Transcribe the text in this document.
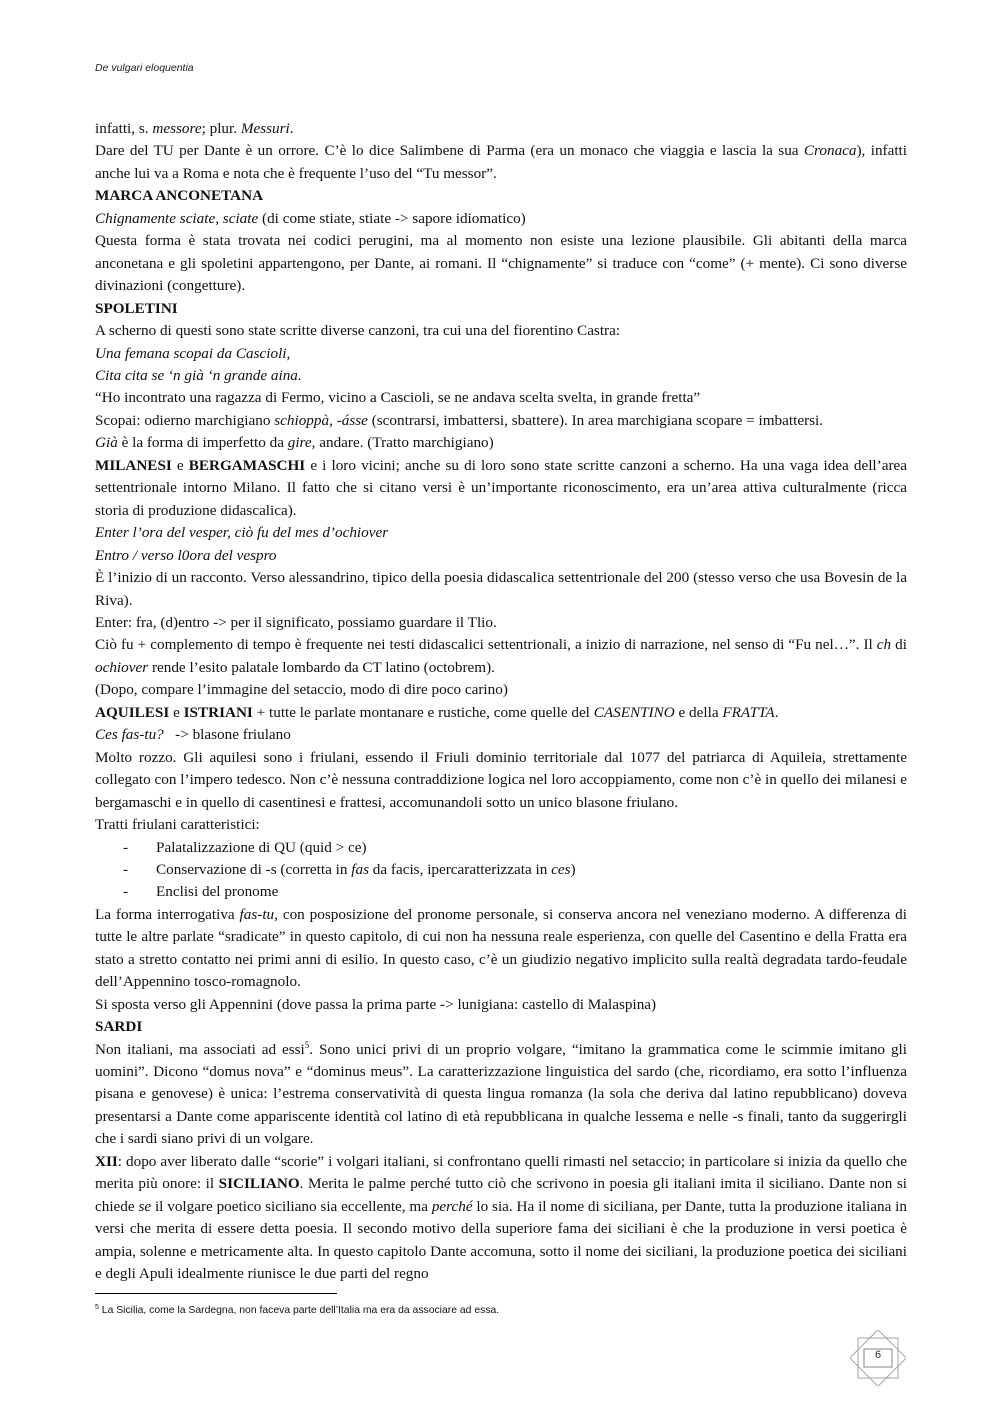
De vulgari eloquentia

infatti, s. messore; plur. Messuri.

Dare del TU per Dante è un orrore. C’è lo dice Salimbene di Parma (era un monaco che viaggia e lascia la sua Cronaca), infatti anche lui va a Roma e nota che è frequente l’uso del “Tu messor”.

MARCA ANCONETANA

Chignamente sciate, sciate (di come stiate, stiate -> sapore idiomatico)

Questa forma è stata trovata nei codici perugini, ma al momento non esiste una lezione plausibile. Gli abitanti della marca anconetana e gli spoletini appartengono, per Dante, ai romani. Il “chignamente” si traduce con “come” (+ mente). Ci sono diverse divinazioni (congetture).

SPOLETINI

A scherno di questi sono state scritte diverse canzoni, tra cui una del fiorentino Castra:

Una femana scopai da Cascioli,

Cita cita se ‘n già ‘n grande aina.

“Ho incontrato una ragazza di Fermo, vicino a Cascioli, se ne andava scelta svelta, in grande fretta”

Scopai: odierno marchigiano schioppà, -ásse (scontrarsi, imbattersi, sbattere). In area marchigiana scopare = imbattersi.

Già è la forma di imperfetto da gire, andare. (Tratto marchigiano)

MILANESI e BERGAMASCHI e i loro vicini; anche su di loro sono state scritte canzoni a scherno. Ha una vaga idea dell’area settentrionale intorno Milano. Il fatto che si citano versi è un’importante riconoscimento, era un’area attiva culturalmente (ricca storia di produzione didascalica).

Enter l’ora del vesper, ciò fu del mes d’ochiover

Entro / verso l0ora del vespro

È l’inizio di un racconto. Verso alessandrino, tipico della poesia didascalica settentrionale del 200 (stesso verso che usa Bovesin de la Riva).

Enter: fra, (d)entro -> per il significato, possiamo guardare il Tlio.

Ciò fu + complemento di tempo è frequente nei testi didascalici settentrionali, a inizio di narrazione, nel senso di “Fu nel…”. Il ch di ochiover rende l’esito palatale lombardo da CT latino (octobrem).

(Dopo, compare l’immagine del setaccio, modo di dire poco carino)

AQUILESI e ISTRIANI + tutte le parlate montanare e rustiche, come quelle del CASENTINO e della FRATTA.

Ces fas-tu?   -> blasone friulano

Molto rozzo. Gli aquilesi sono i friulani, essendo il Friuli dominio territoriale dal 1077 del patriarca di Aquileia, strettamente collegato con l’impero tedesco. Non c’è nessuna contraddizione logica nel loro accoppiamento, come non c’è in quello dei milanesi e bergamaschi e in quello di casentinesi e frattesi, accomunandoli sotto un unico blasone friulano.

Tratti friulani caratteristici:

- Palatalizzazione di QU (quid > ce)
- Conservazione di -s (corretta in fas da facis, ipercaratterizzata in ces)
- Enclisi del pronome

La forma interrogativa fas-tu, con posposizione del pronome personale, si conserva ancora nel veneziano moderno. A differenza di tutte le altre parlate “sradicate” in questo capitolo, di cui non ha nessuna reale esperienza, con quelle del Casentino e della Fratta era stato a stretto contatto nei primi anni di esilio. In questo caso, c’è un giudizio negativo implicito sulla realtà degradata tardo-feudale dell’Appennino tosco-romagnolo.

Si sposta verso gli Appennini (dove passa la prima parte -> lunigiana: castello di Malaspina)

SARDI

Non italiani, ma associati ad essi$^5$. Sono unici privi di un proprio volgare, “imitano la grammatica come le scimmie imitano gli uomini”. Dicono “domus nova” e “dominus meus”. La caratterizzazione linguistica del sardo (che, ricordiamo, era sotto l’influenza pisana e genovese) è unica: l’estrema conservatività di questa lingua romanza (la sola che deriva dal latino repubblicano) doveva presentarsi a Dante come appariscente identità col latino di età repubblicana in qualche lessema e nelle -s finali, tanto da suggerirgli che i sardi siano privi di un volgare.

XII: dopo aver liberato dalle “scorie” i volgari italiani, si confrontano quelli rimasti nel setaccio; in particolare si inizia da quello che merita più onore: il SICILIANO. Merita le palme perché tutto ciò che scrivono in poesia gli italiani imita il siciliano. Dante non si chiede se il volgare poetico siciliano sia eccellente, ma perché lo sia. Ha il nome di siciliana, per Dante, tutta la produzione italiana in versi che merita di essere detta poesia. Il secondo motivo della superiore fama dei siciliani è che la produzione in versi poetica è ampia, solenne e metricamente alta. In questo capitolo Dante accomuna, sotto il nome dei siciliani, la produzione poetica dei siciliani e degli Apuli idealmente riunisce le due parti del regno

$^5$ La Sicilia, come la Sardegna, non faceva parte dell’Italia ma era da associare ad essa.
6
